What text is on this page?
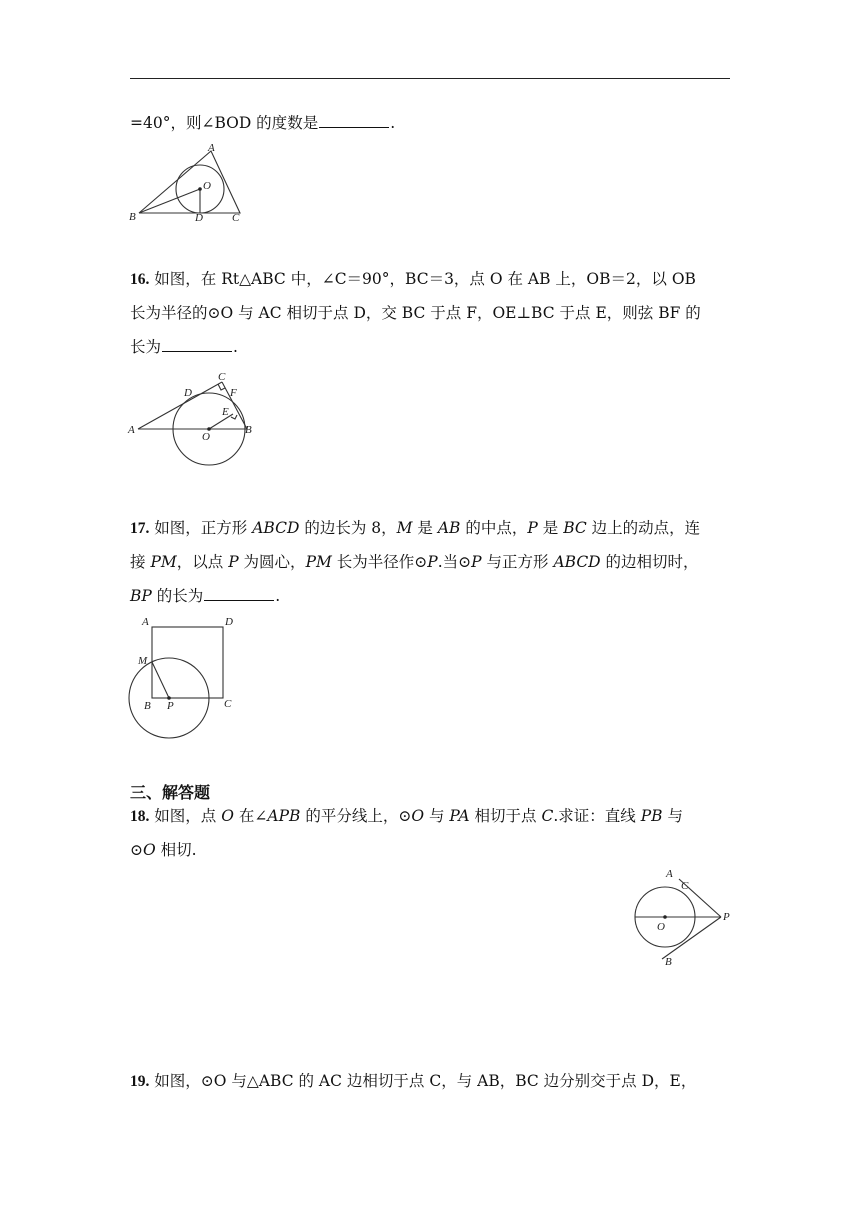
=40°，则∠BOD 的度数是	.
A
B	C
D
O
16. 如图，在 Rt△ABC 中，∠C＝90°，BC＝3，点 O 在 AB 上，OB＝2，以 OB
长为半径的⊙O 与 AC 相切于点 D，交 BC 于点 F，OE⊥BC 于点 E，则弦 BF 的
长为	.
A	B
C
D	F
E
O
17. 如图，正方形 ABCD 的边长为 8，M 是 AB 的中点，P 是 BC 边上的动点，连
接 PM，以点 P 为圆心，PM 长为半径作⊙P.当⊙P 与正方形 ABCD 的边相切时，
BP 的长为	.
A	D
M
B P	C
三、解答题
18. 如图，点 O 在∠APB 的平分线上，⊙O 与 PA 相切于点 C.求证：直线 PB 与
⊙O 相切.
A
C
P
O
B
19. 如图，⊙O 与△ABC 的 AC 边相切于点 C，与 AB，BC 边分别交于点 D，E，
